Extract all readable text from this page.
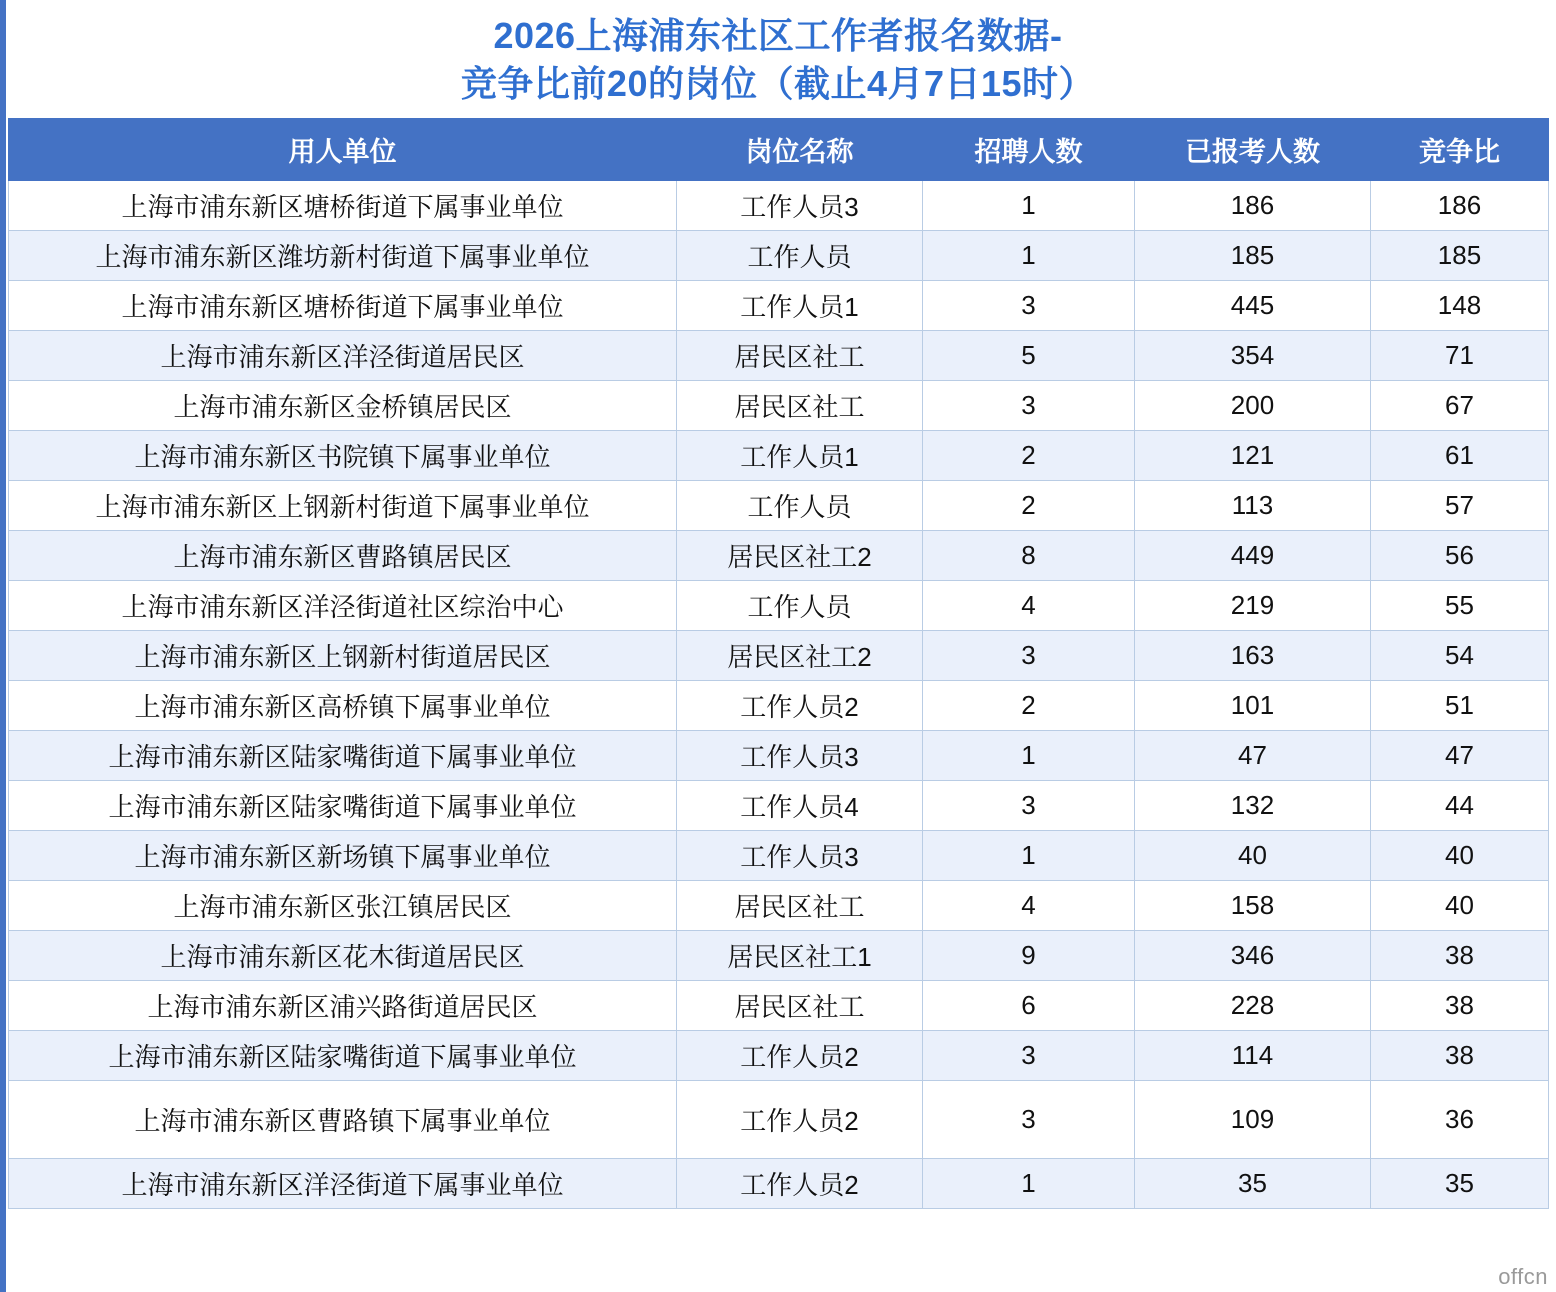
2026上海浦东社区工作者报名数据-
竞争比前20的岗位（截止4月7日15时）
用人单位	岗位名称	招聘人数	已报考人数	竞争比
上海市浦东新区塘桥街道下属事业单位	工作人员3	1	186	186
上海市浦东新区潍坊新村街道下属事业单位	工作人员	1	185	185
上海市浦东新区塘桥街道下属事业单位	工作人员1	3	445	148
上海市浦东新区洋泾街道居民区	居民区社工	5	354	71
上海市浦东新区金桥镇居民区	居民区社工	3	200	67
上海市浦东新区书院镇下属事业单位	工作人员1	2	121	61
上海市浦东新区上钢新村街道下属事业单位	工作人员	2	113	57
上海市浦东新区曹路镇居民区	居民区社工2	8	449	56
上海市浦东新区洋泾街道社区综治中心	工作人员	4	219	55
上海市浦东新区上钢新村街道居民区	居民区社工2	3	163	54
上海市浦东新区高桥镇下属事业单位	工作人员2	2	101	51
上海市浦东新区陆家嘴街道下属事业单位	工作人员3	1	47	47
上海市浦东新区陆家嘴街道下属事业单位	工作人员4	3	132	44
上海市浦东新区新场镇下属事业单位	工作人员3	1	40	40
上海市浦东新区张江镇居民区	居民区社工	4	158	40
上海市浦东新区花木街道居民区	居民区社工1	9	346	38
上海市浦东新区浦兴路街道居民区	居民区社工	6	228	38
上海市浦东新区陆家嘴街道下属事业单位	工作人员2	3	114	38
上海市浦东新区曹路镇下属事业单位	工作人员2	3	109	36
上海市浦东新区洋泾街道下属事业单位	工作人员2	1	35	35
offcn
